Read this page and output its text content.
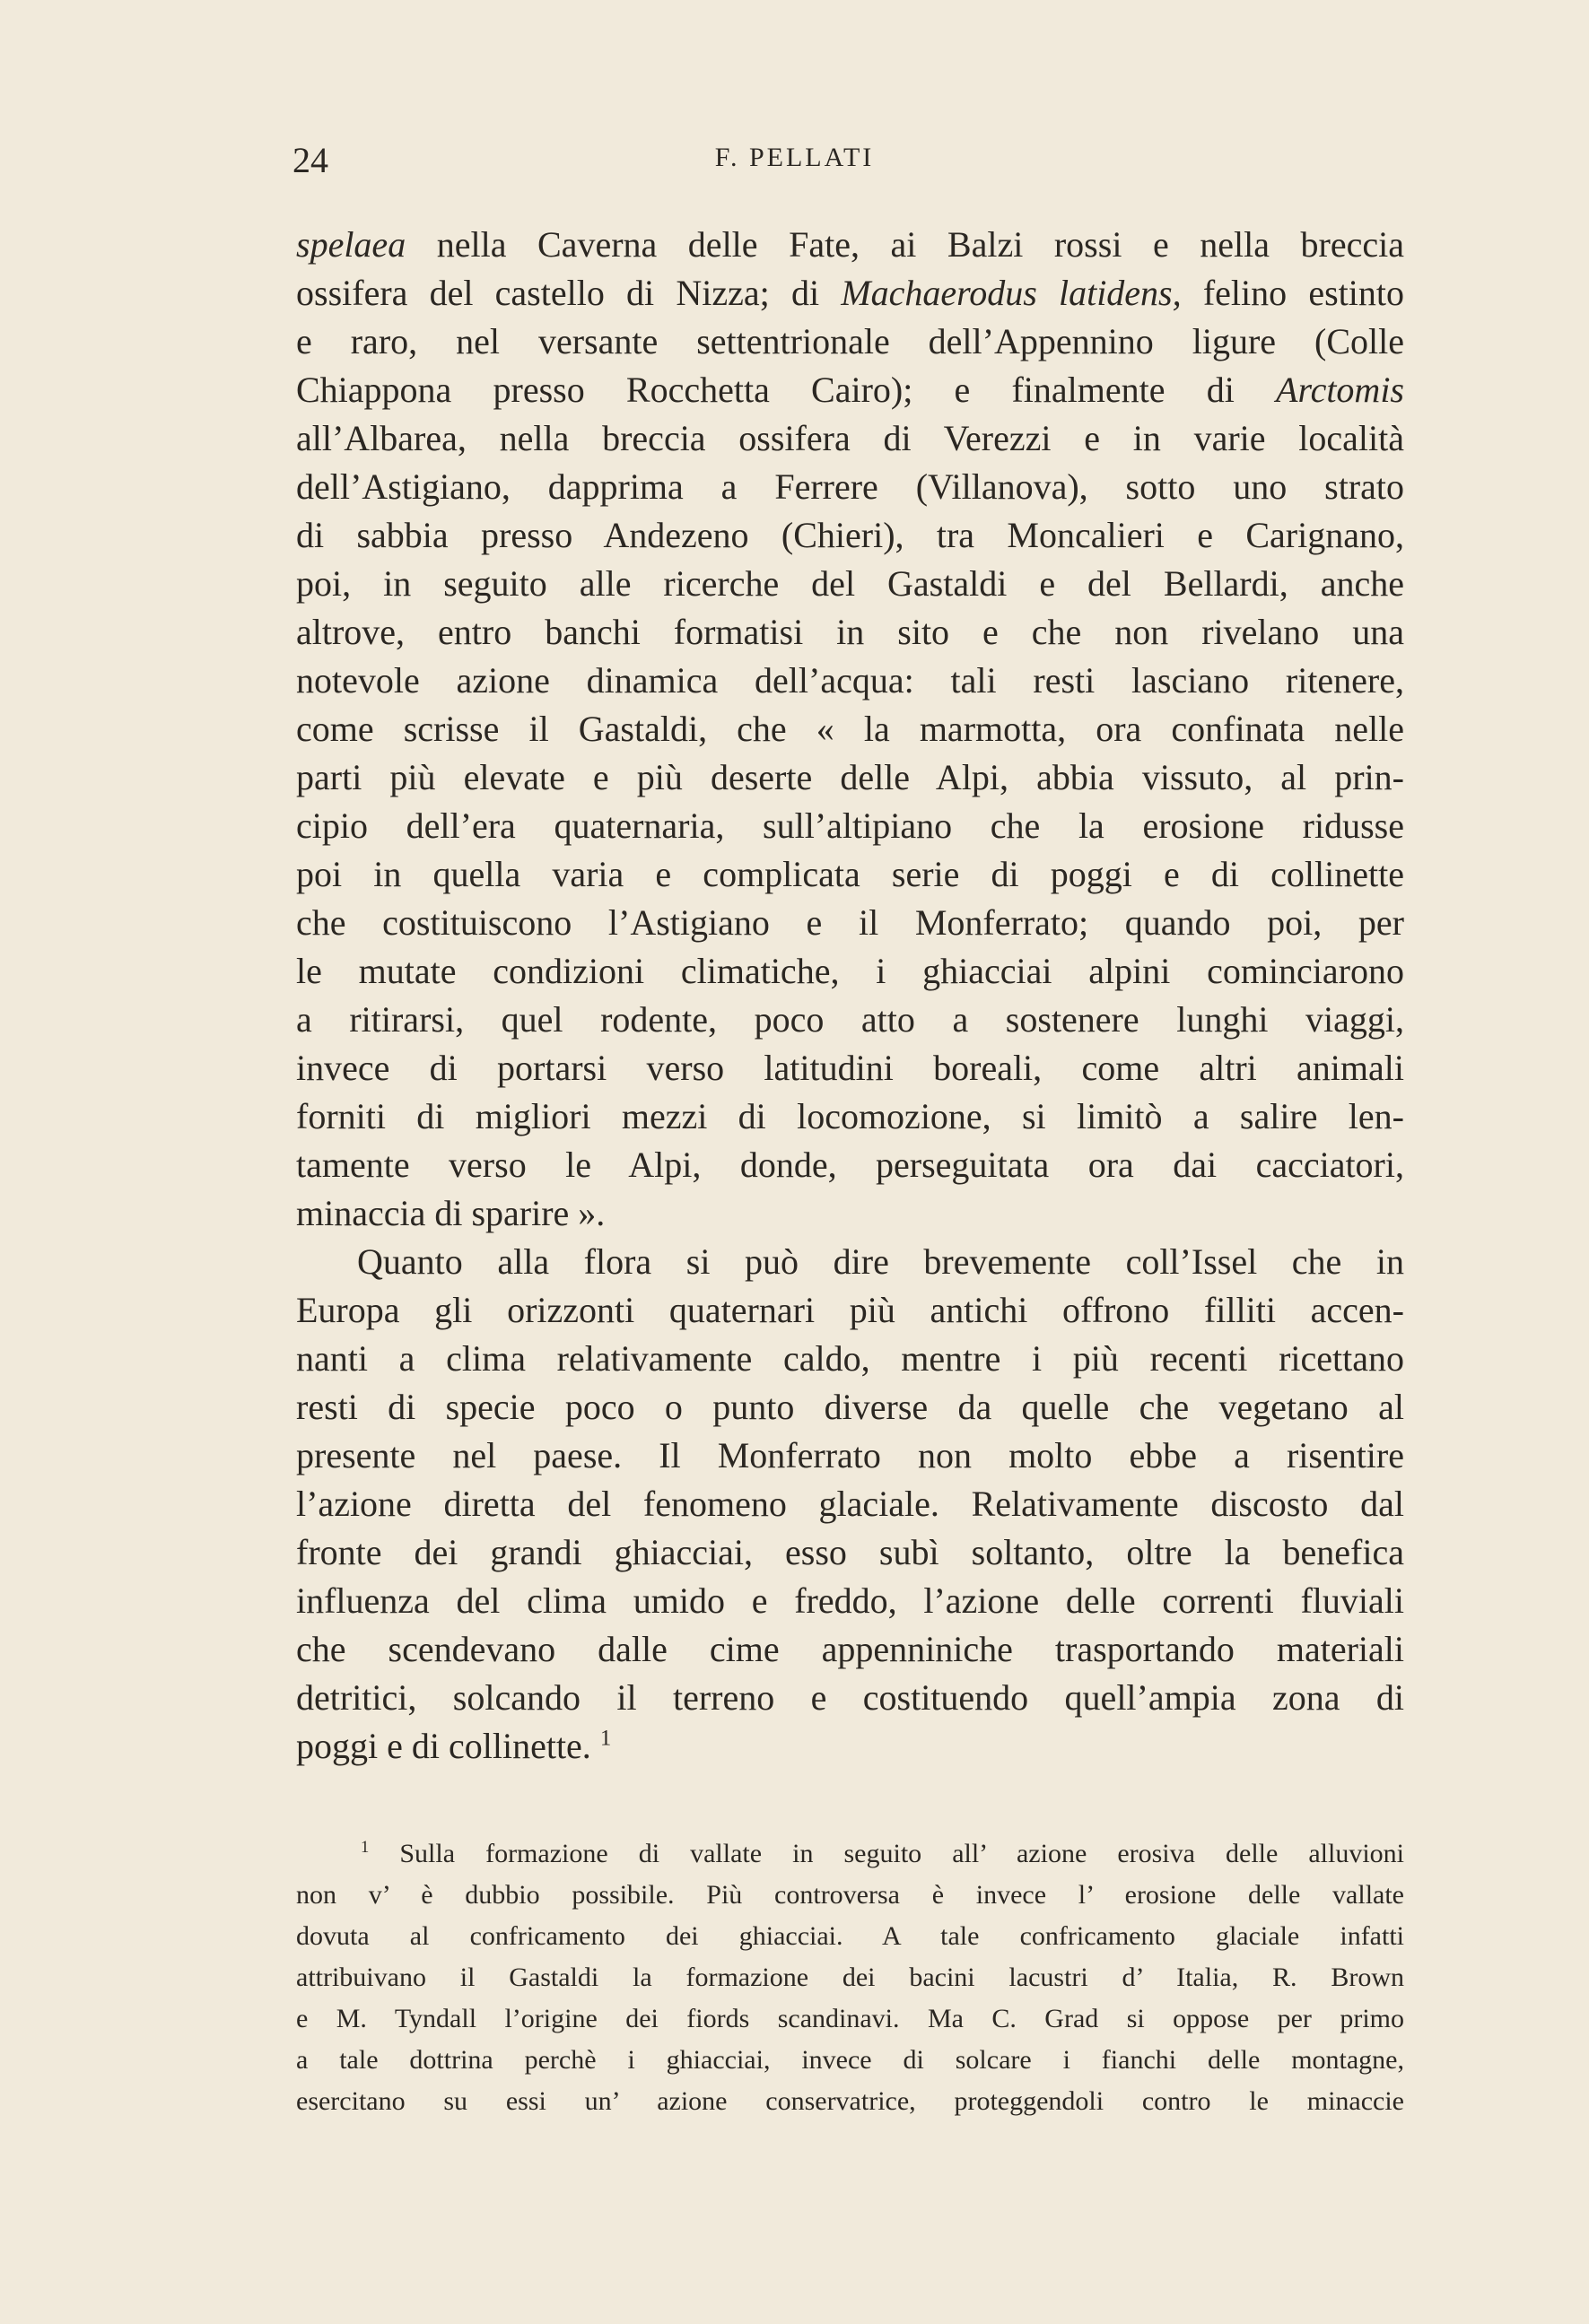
24	F. PELLATI
spelaea nella Caverna delle Fate, ai Balzi rossi e nella breccia
ossifera del castello di Nizza; di Machaerodus latidens, felino estinto
e raro, nel versante settentrionale dell’Appennino ligure (Colle
Chiappona presso Rocchetta Cairo); e finalmente di Arctomis
all’Albarea, nella breccia ossifera di Verezzi e in varie località
dell’Astigiano, dapprima a Ferrere (Villanova), sotto uno strato
di sabbia presso Andezeno (Chieri), tra Moncalieri e Carignano,
poi, in seguito alle ricerche del Gastaldi e del Bellardi, anche
altrove, entro banchi formatisi in sito e che non rivelano una
notevole azione dinamica dell’acqua: tali resti lasciano ritenere,
come scrisse il Gastaldi, che « la marmotta, ora confinata nelle
parti più elevate e più deserte delle Alpi, abbia vissuto, al prin-
cipio dell’era quaternaria, sull’altipiano che la erosione ridusse
poi in quella varia e complicata serie di poggi e di collinette
che costituiscono l’Astigiano e il Monferrato; quando poi, per
le mutate condizioni climatiche, i ghiacciai alpini cominciarono
a ritirarsi, quel rodente, poco atto a sostenere lunghi viaggi,
invece di portarsi verso latitudini boreali, come altri animali
forniti di migliori mezzi di locomozione, si limitò a salire len-
tamente verso le Alpi, donde, perseguitata ora dai cacciatori,
minaccia di sparire ».
Quanto alla flora si può dire brevemente coll’Issel che in
Europa gli orizzonti quaternari più antichi offrono filliti accen-
nanti a clima relativamente caldo, mentre i più recenti ricettano
resti di specie poco o punto diverse da quelle che vegetano al
presente nel paese. Il Monferrato non molto ebbe a risentire
l’azione diretta del fenomeno glaciale. Relativamente discosto dal
fronte dei grandi ghiacciai, esso subì soltanto, oltre la benefica
influenza del clima umido e freddo, l’azione delle correnti fluviali
che scendevano dalle cime appenniniche trasportando materiali
detritici, solcando il terreno e costituendo quell’ampia zona di
poggi e di collinette. $^1$
$^1$ Sulla formazione di vallate in seguito all’ azione erosiva delle alluvioni
non v’ è dubbio possibile. Più controversa è invece l’ erosione delle vallate
dovuta al confricamento dei ghiacciai. A tale confricamento glaciale infatti
attribuivano il Gastaldi la formazione dei bacini lacustri d’ Italia, R. Brown
e M. Tyndall l’origine dei fiords scandinavi. Ma C. Grad si oppose per primo
a tale dottrina perchè i ghiacciai, invece di solcare i fianchi delle montagne,
esercitano su essi un’ azione conservatrice, proteggendoli contro le minaccie
